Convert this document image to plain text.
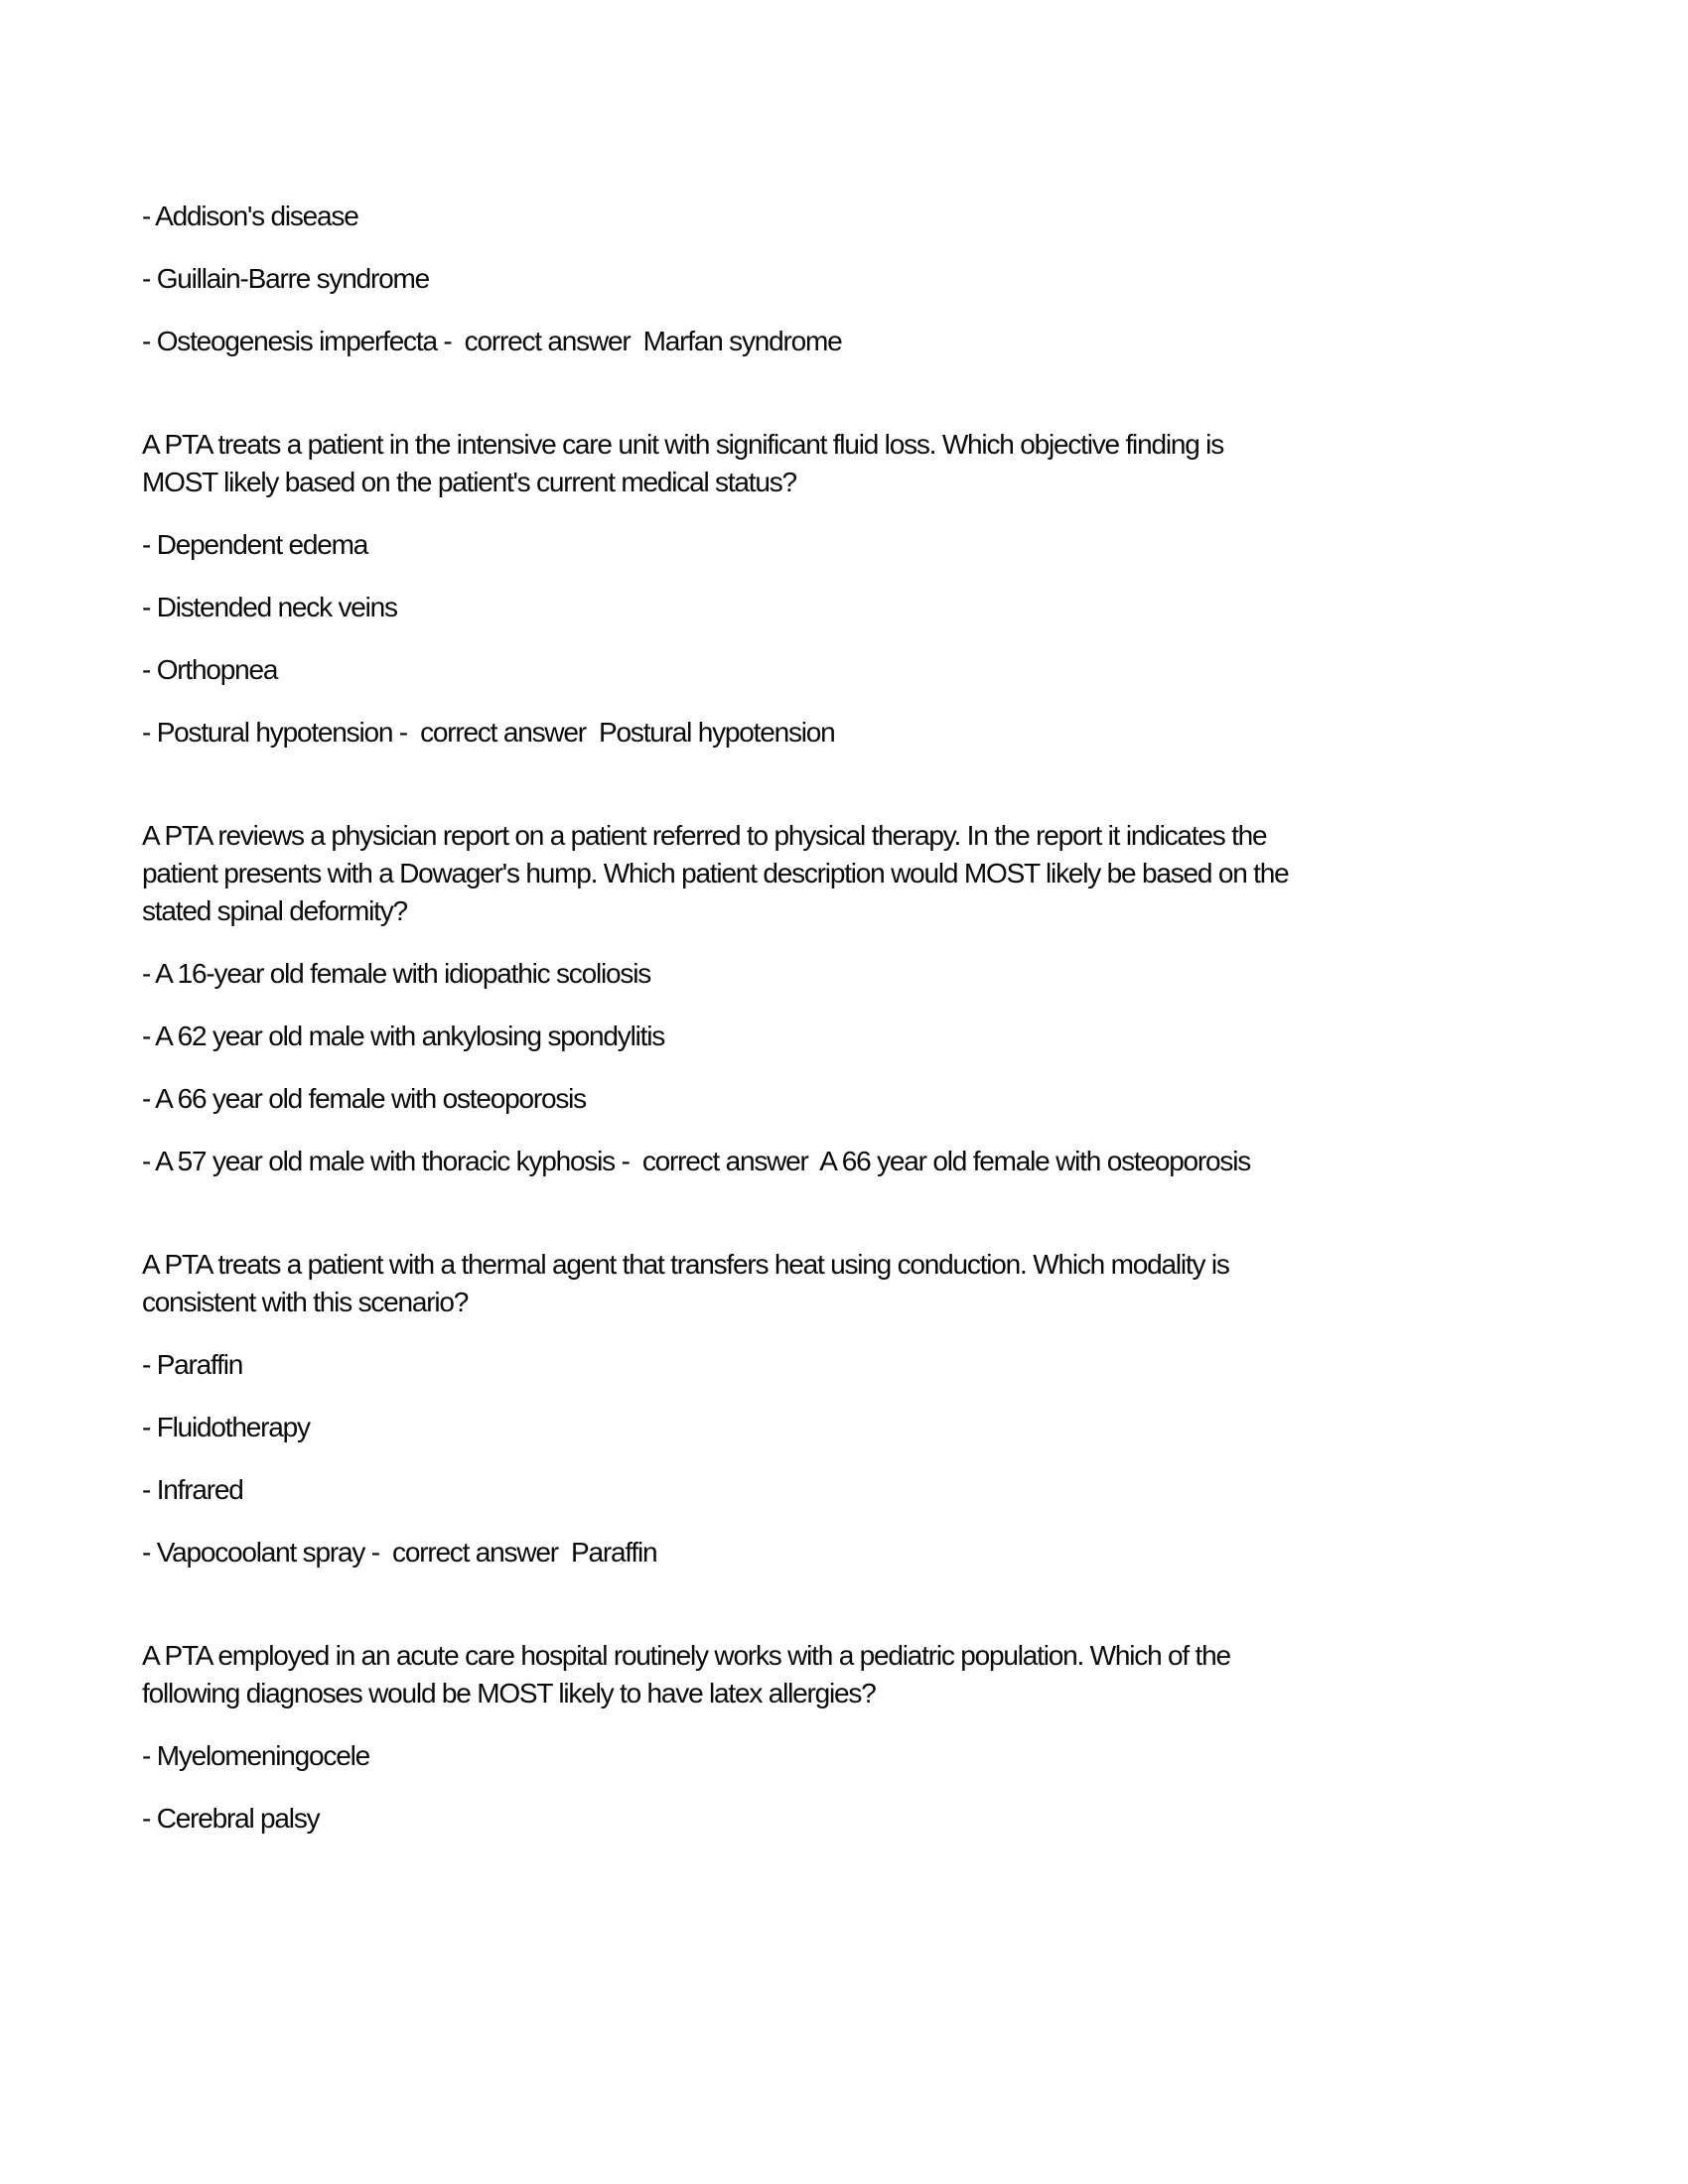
- Addison's disease

- Guillain-Barre syndrome

- Osteogenesis imperfecta -  correct answer  Marfan syndrome

A PTA treats a patient in the intensive care unit with significant fluid loss. Which objective finding is
MOST likely based on the patient's current medical status?

- Dependent edema

- Distended neck veins

- Orthopnea

- Postural hypotension -  correct answer  Postural hypotension

A PTA reviews a physician report on a patient referred to physical therapy. In the report it indicates the
patient presents with a Dowager's hump. Which patient description would MOST likely be based on the
stated spinal deformity?

- A 16-year old female with idiopathic scoliosis

- A 62 year old male with ankylosing spondylitis

- A 66 year old female with osteoporosis

- A 57 year old male with thoracic kyphosis -  correct answer  A 66 year old female with osteoporosis

A PTA treats a patient with a thermal agent that transfers heat using conduction. Which modality is
consistent with this scenario?

- Paraffin

- Fluidotherapy

- Infrared

- Vapocoolant spray -  correct answer  Paraffin

A PTA employed in an acute care hospital routinely works with a pediatric population. Which of the
following diagnoses would be MOST likely to have latex allergies?

- Myelomeningocele

- Cerebral palsy
